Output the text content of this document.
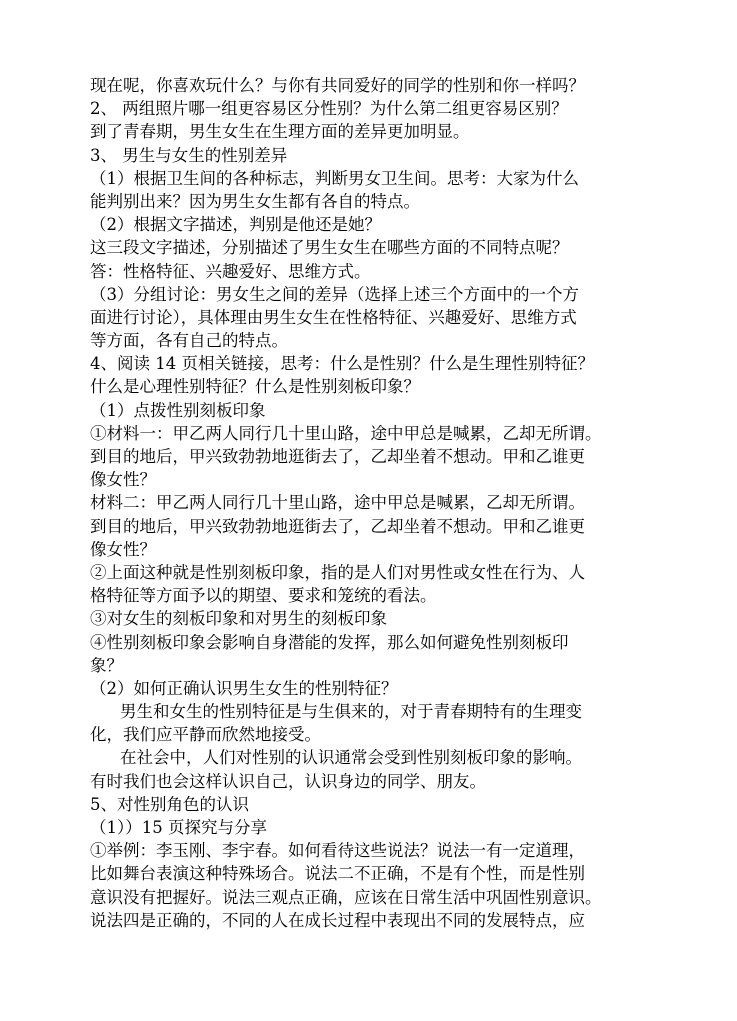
现在呢，你喜欢玩什么？与你有共同爱好的同学的性别和你一样吗？
2、 两组照片哪一组更容易区分性别？为什么第二组更容易区别？
到了青春期，男生女生在生理方面的差异更加明显。
3、 男生与女生的性别差异
（1）根据卫生间的各种标志，判断男女卫生间。思考：大家为什么
能判别出来？因为男生女生都有各自的特点。
（2）根据文字描述，判别是他还是她？
这三段文字描述，分别描述了男生女生在哪些方面的不同特点呢？
答：性格特征、兴趣爱好、思维方式。
（3）分组讨论：男女生之间的差异（选择上述三个方面中的一个方
面进行讨论），具体理由男生女生在性格特征、兴趣爱好、思维方式
等方面，各有自己的特点。
4、阅读 14 页相关链接，思考：什么是性别？什么是生理性别特征？
什么是心理性别特征？什么是性别刻板印象？
（1）点拨性别刻板印象
①材料一：甲乙两人同行几十里山路，途中甲总是喊累，乙却无所谓。
到目的地后，甲兴致勃勃地逛街去了，乙却坐着不想动。甲和乙谁更
像女性？
材料二：甲乙两人同行几十里山路，途中甲总是喊累，乙却无所谓。
到目的地后，甲兴致勃勃地逛街去了，乙却坐着不想动。甲和乙谁更
像女性？
②上面这种就是性别刻板印象，指的是人们对男性或女性在行为、人
格特征等方面予以的期望、要求和笼统的看法。
③对女生的刻板印象和对男生的刻板印象
④性别刻板印象会影响自身潜能的发挥，那么如何避免性别刻板印
象？
（2）如何正确认识男生女生的性别特征？
男生和女生的性别特征是与生俱来的，对于青春期特有的生理变
化，我们应平静而欣然地接受。
在社会中，人们对性别的认识通常会受到性别刻板印象的影响。
有时我们也会这样认识自己，认识身边的同学、朋友。
5、对性别角色的认识
（1））15 页探究与分享
①举例：李玉刚、李宇春。如何看待这些说法？说法一有一定道理，
比如舞台表演这种特殊场合。说法二不正确，不是有个性，而是性别
意识没有把握好。说法三观点正确，应该在日常生活中巩固性别意识。
说法四是正确的，不同的人在成长过程中表现出不同的发展特点，应
